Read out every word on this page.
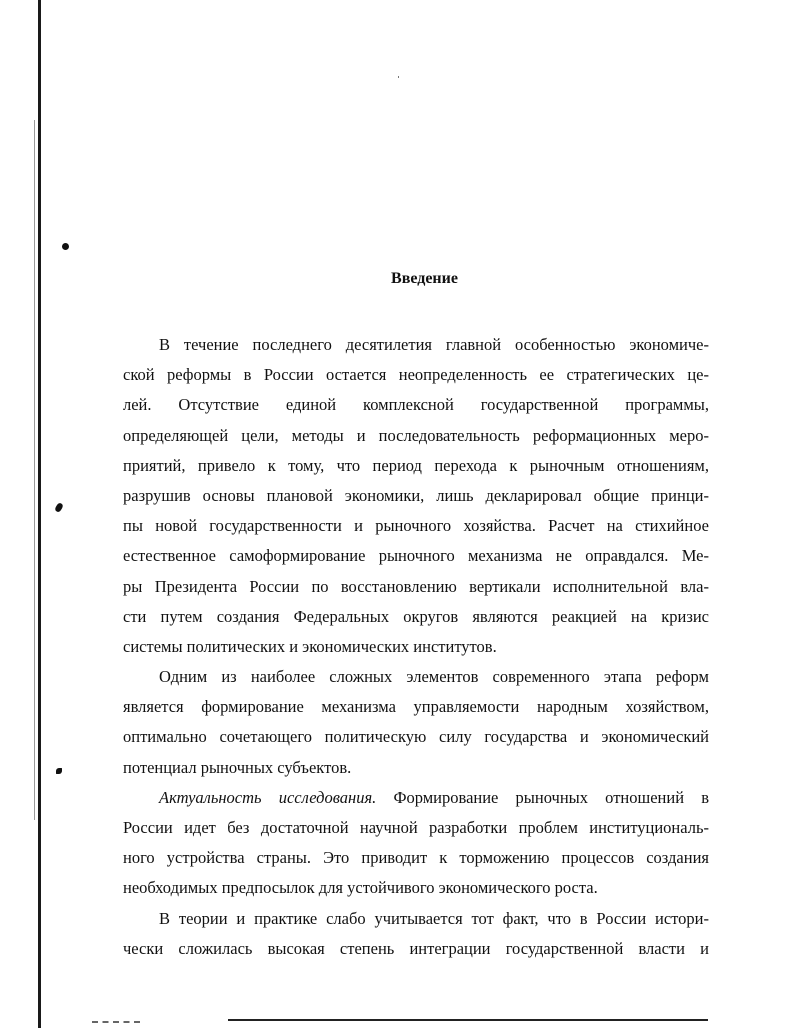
Введение
В течение последнего десятилетия главной особенностью экономиче-
ской реформы в России остается неопределенность ее стратегических це-
лей. Отсутствие единой комплексной государственной программы,
определяющей цели, методы и последовательность реформационных меро-
приятий, привело к тому, что период перехода к рыночным отношениям,
разрушив основы плановой экономики, лишь декларировал общие принци-
пы новой государственности и рыночного хозяйства. Расчет на стихийное
естественное самоформирование рыночного механизма не оправдался. Ме-
ры Президента России по восстановлению вертикали исполнительной вла-
сти путем создания Федеральных округов являются реакцией на кризис
системы политических и экономических институтов.
Одним из наиболее сложных элементов современного этапа реформ
является формирование механизма управляемости народным хозяйством,
оптимально сочетающего политическую силу государства и экономический
потенциал рыночных субъектов.
Актуальность исследования. Формирование рыночных отношений в
России идет без достаточной научной разработки проблем институциональ-
ного устройства страны. Это приводит к торможению процессов создания
необходимых предпосылок для устойчивого экономического роста.
В теории и практике слабо учитывается тот факт, что в России истори-
чески сложилась высокая степень интеграции государственной власти и
